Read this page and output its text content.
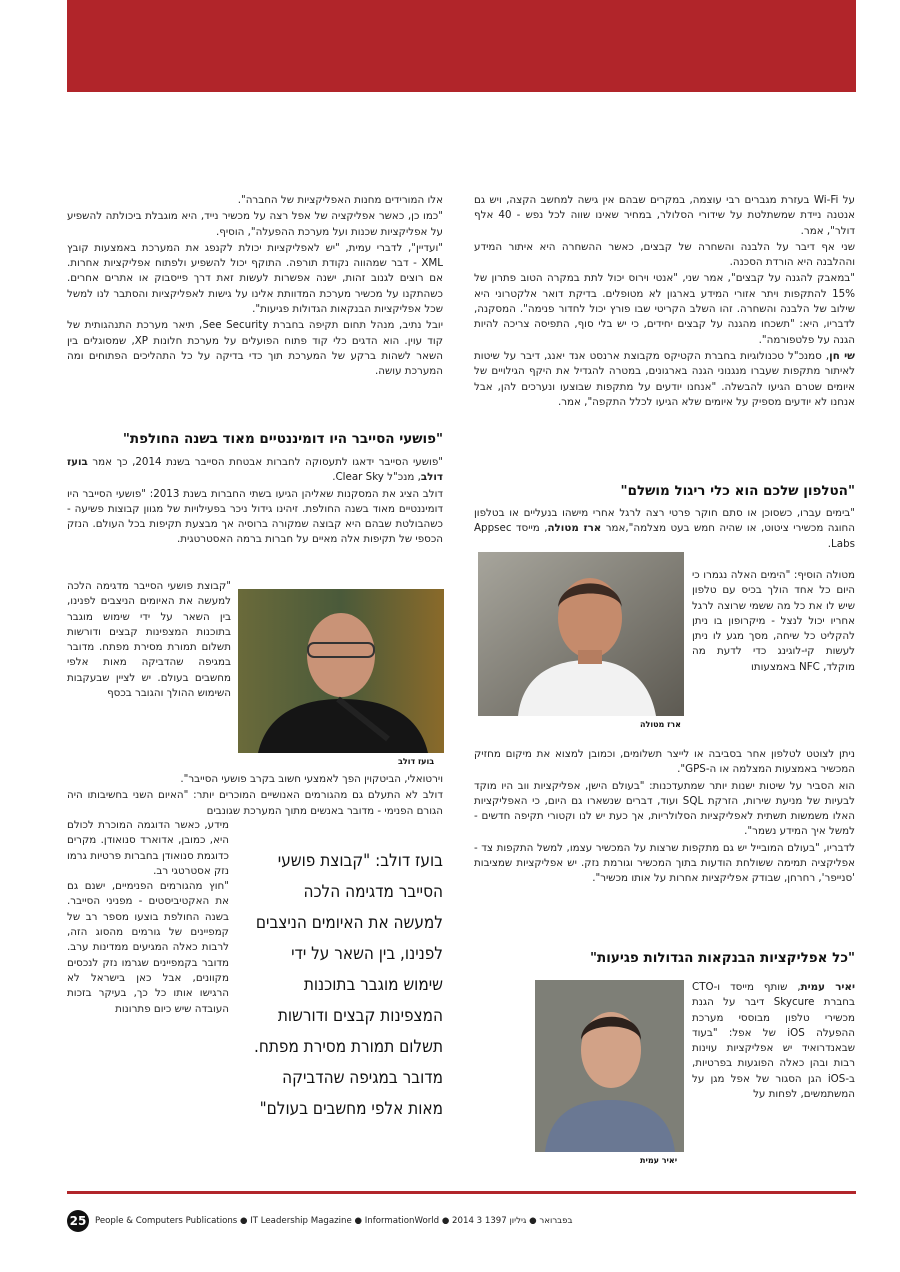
על Wi-Fi בעזרת מגברים רבי עוצמה, במקרים שבהם אין גישה למחשב הקצה, ויש גם אנטנה ניידת שמשתלטת על שידורי הסלולר, במחיר שאינו שווה לכל נפש - 40 אלף דולר", אמר.

שני אף דיבר על הלבנה והשחרה של קבצים, כאשר ההשחרה היא איתור המידע וההלבנה היא הורדת הסכנה.

"במאבק להגנה על קבצים", אמר שני, "אנטי וירוס יכול לתת במקרה הטוב פתרון של 15% להתקפות ויתר אזורי המידע בארגון לא מטופלים. בדיקת דואר אלקטרוני היא שילוב של הלבנה והשחרה. זהו השלב הקריטי שבו פורץ יכול לחדור פנימה". המסקנה, לדבריו, היא: "תשכחו מהגנה על קבצים יחידים, כי יש בלי סוף, התפיסה צריכה להיות הגנה על פלטפורמה".

שי חן, סמנכ"ל טכנולוגיות בחברת הקטיקס מקבוצת ארנסט אנד יאנג, דיבר על שיטות לאיתור מתקפות שעברו מנגנוני הגנה בארגונים, במטרה להגדיל את היקף הגילויים של איומים שטרם הגיעו להבשלה. "אנחנו יודעים על מתקפות שבוצעו ונערכים להן, אבל אנחנו לא יודעים מספיק על איומים שלא הגיעו לכלל התקפה", אמר.

"הטלפון שלכם הוא כלי ריגול מושלם"

"בימים עברו, כשסוכן או סתם חוקר פרטי רצה לרגל אחרי מישהו בנעליים או בטלפון החוגה מכשירי ציטוט, או שהיה חמש בעט מצלמה",אמר ארז מטולה, מייסד Appsec Labs.

ארז מטולה

מטולה הוסיף: "הימים האלה נגמרו כי היום כל אחד הולך בכיס עם טלפון שיש לו את כל מה ששמי שרוצה לרגל אחריו יכול לנצל - מיקרופון בו ניתן להקליט כל שיחה, מסך מגע לו ניתן לעשות קי-לוגינג כדי לדעת מה מוקלד, NFC באמצעותו

ניתן לצוטט לטלפון אחר בסביבה או לייצר תשלומים, וכמובן למצוא את מיקום מחזיק המכשיר באמצעות המצלמה או ה-GPS".

הוא הסביר על שיטות ישנות יותר שמתעדכנות: "בעולם הישן, אפליקציות ווב היו מוקד לבעיות של מניעת שירות, הזרקת SQL ועוד, דברים שנשארו גם היום, כי האפליקציות האלו משמשות תשתית לאפליקציות הסלולריות, אך כעת יש לנו וקטורי תקיפה חדשים - למשל איך המידע נשמר".

לדבריו, "בעולם המובייל יש גם מתקפות שרצות על המכשיר עצמו, למשל התקפות צד - אפליקציה תמימה ששולחת הודעות בתוך המכשיר וגורמת נזק. יש אפליקציות שמציבות 'סנייפר', רחרחן, שבודק אפליקציות אחרות על אותו מכשיר".

"כל אפליקציות הבנקאות הגדולות פגיעות"
יאיר עמית

יאיר עמית, שותף מייסד ו-CTO בחברת Skycure דיבר על הגנת מכשירי טלפון מבוססי מערכת ההפעלה iOS של אפל: "בעוד שבאנדרואיד יש אפליקציות עוינות רבות ובהן כאלה הפוגעות בפרטיות, ב-iOS הגן הסגור של אפל מגן על המשתמשים, לפחות על

אלו המורידים מחנות האפליקציות של החברה".

"כמו כן, כאשר אפליקציה של אפל רצה על מכשיר נייד, היא מוגבלת ביכולתה להשפיע על אפליקציות שכנות ועל מערכת ההפעלה", הוסיף.

"ועדיין", לדברי עמית, "יש לאפליקציות יכולת לקנפג את המערכת באמצעות קובץ XML - דבר שמהווה נקודת תורפה. התוקף יכול להשפיע ולפתוח אפליקציות אחרות. אם רוצים לגנוב זהות, ישנה אפשרות לעשות זאת דרך פייסבוק או אתרים אחרים. כשהתקנו על מכשיר מערכת המדוותת אלינו על גישות לאפליקציות והסתבר לנו למשל שכל אפליקציות הבנקאות הגדולות פגיעות".

יובל נתיב, מנהל תחום תקיפה בחברת See Security, תיאר מערכת התנהגותית של קוד עוין. הוא הדגים כלי קוד פתוח הפועלים על מערכת חלונות XP, שמסוגלים בין השאר לשהות ברקע של המערכת תוך כדי בדיקה על כל התהליכים הפתוחים ומה המערכת עושה.

"פושעי הסייבר היו דומיננטיים מאוד בשנה החולפת"

"פושעי הסייבר ידאגו לתעסוקה לחברות אבטחת הסייבר בשנת 2014, כך אמר בועז דולב, מנכ"ל Clear Sky.

דולב הציג את המסקנות שאליהן הגיעו בשתי החברות בשנת 2013: "פושעי הסייבר היו דומיננטיים מאוד בשנה החולפת. זיהינו גידול ניכר בפעילויות של מגוון קבוצות פשיעה - כשהבולטת שבהם היא קבוצה שמקורה ברוסיה אך מבצעת תקיפות בכל העולם. הנזק הכספי של תקיפות אלה מאיים על חברות ברמה האסטרטגית.

בועז דולב

"קבוצת פושעי הסייבר מדגימה הלכה למעשה את האיומים הניצבים לפנינו, בין השאר על ידי שימוש מוגבר בתוכנות המצפינות קבצים ודורשות תשלום תמורת מסירת מפתח. מדובר במגיפה שהדביקה מאות אלפי מחשבים בעולם. יש לציין שבעקבות השימוש ההולך והגובר בכסף

וירטואלי, הביטקוין הפך לאמצעי חשוב בקרב פושעי הסייבר".

דולב לא התעלם גם מהגורמים האנושיים המוכרים יותר: "האיום השני בחשיבותו היה הגורם הפנימי - מדובר באנשים מתוך המערכת שגונבים

בועז דולב: "קבוצת פושעי הסייבר מדגימה הלכה למעשה את האיומים הניצבים לפנינו, בין השאר על ידי שימוש מוגבר בתוכנות המצפינות קבצים ודורשות תשלום תמורת מסירת מפתח. מדובר במגיפה שהדביקה מאות אלפי מחשבים בעולם"

מידע, כאשר הדוגמה המוכרת לכולם היא, כמובן, אדוארד סנואודן. מקרים כדוגמת סנואודן בחברות פרטיות גרמו נזק אסטרטגי רב.

"חוץ מהגורמים הפנימיים, ישנם גם את האקטיביסטים - מפניני הסייבר. בשנה החולפת בוצעו מספר רב של קמפיינים של גורמים מהסוג הזה, לרבות כאלה המגיעים ממדינות ערב. מדובר בקמפיינים שגרמו נזק לנכסים מקוונים, אבל כאן בישראל לא הרגישו אותו כל כך, בעיקר בזכות העובדה שיש כיום פתרונות

25	People & Computers Publications ● IT Leadership Magazine ● InformationWorld ● 2014 3 בפברואר ● גיליון 1397
